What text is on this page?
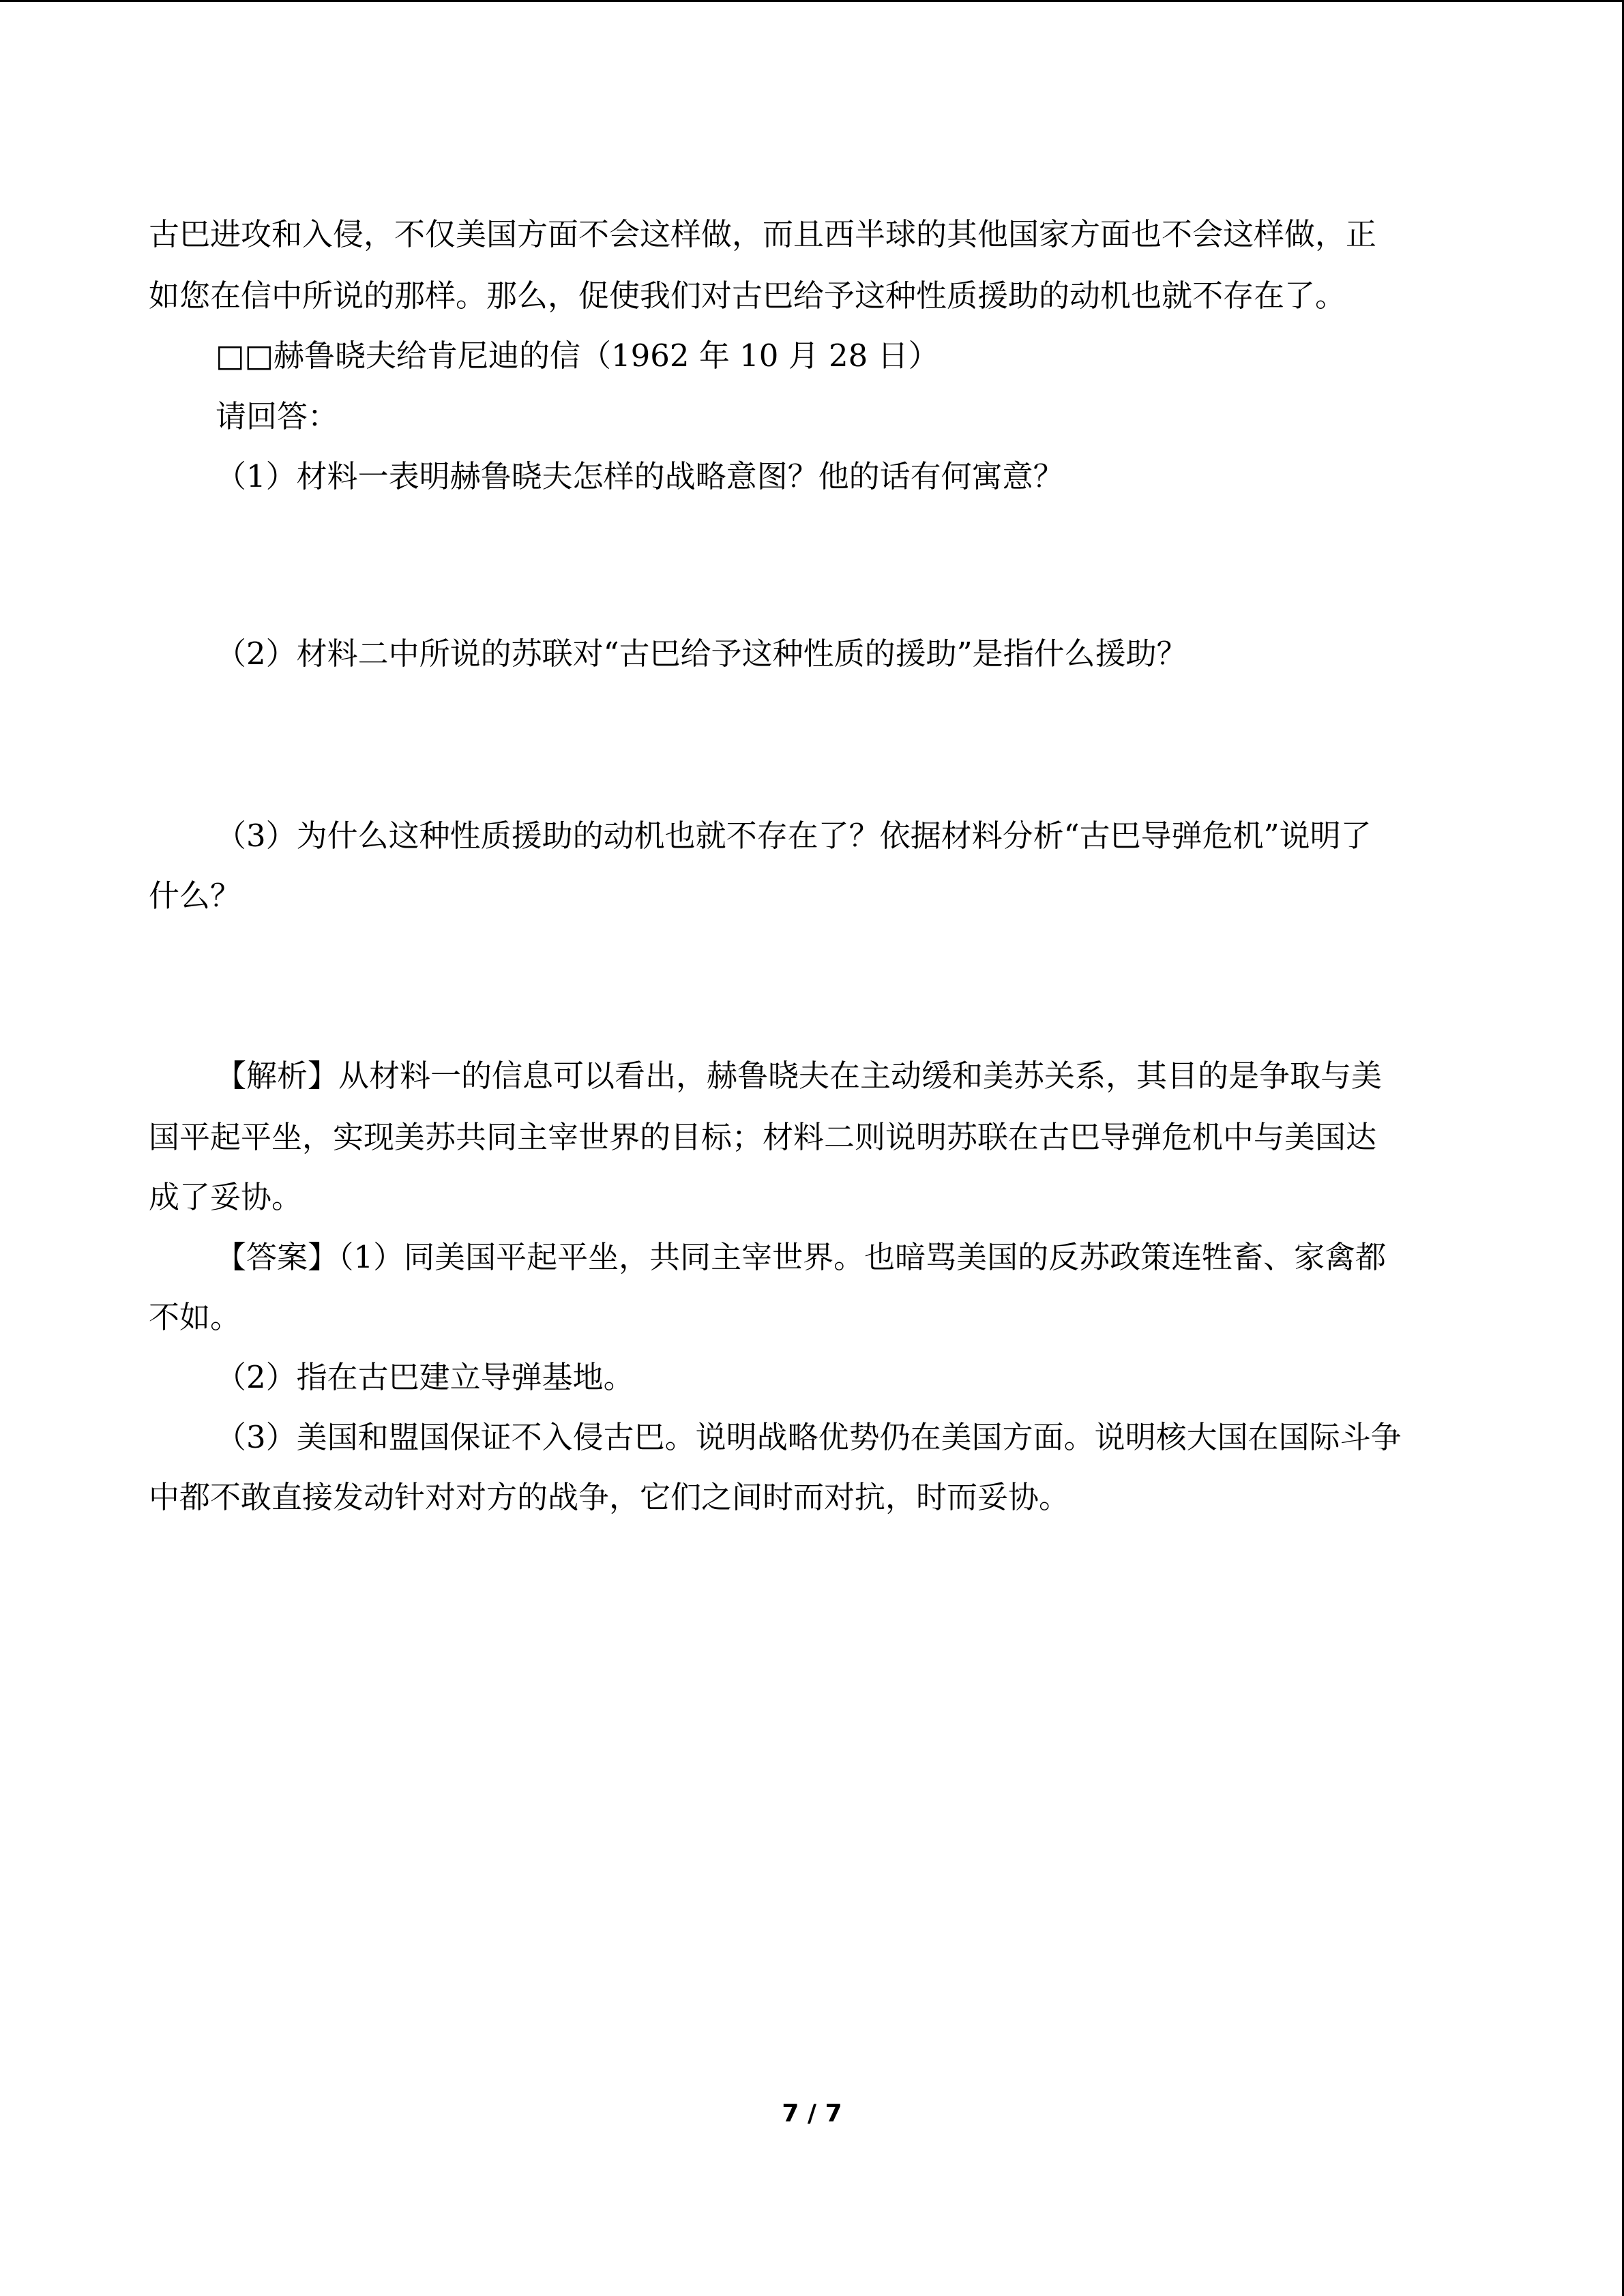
古巴进攻和入侵，不仅美国方面不会这样做，而且西半球的其他国家方面也不会这样做，正
如您在信中所说的那样。那么，促使我们对古巴给予这种性质援助的动机也就不存在了。
□□赫鲁晓夫给肯尼迪的信（1962 年 10 月 28 日）
请回答：
（1）材料一表明赫鲁晓夫怎样的战略意图？他的话有何寓意？
（2）材料二中所说的苏联对“古巴给予这种性质的援助”是指什么援助？
（3）为什么这种性质援助的动机也就不存在了？依据材料分析“古巴导弹危机”说明了
什么？
【解析】从材料一的信息可以看出，赫鲁晓夫在主动缓和美苏关系，其目的是争取与美
国平起平坐，实现美苏共同主宰世界的目标；材料二则说明苏联在古巴导弹危机中与美国达
成了妥协。
【答案】（1）同美国平起平坐，共同主宰世界。也暗骂美国的反苏政策连牲畜、家禽都
不如。
（2）指在古巴建立导弹基地。
（3）美国和盟国保证不入侵古巴。说明战略优势仍在美国方面。说明核大国在国际斗争
中都不敢直接发动针对对方的战争，它们之间时而对抗，时而妥协。
7 / 7
